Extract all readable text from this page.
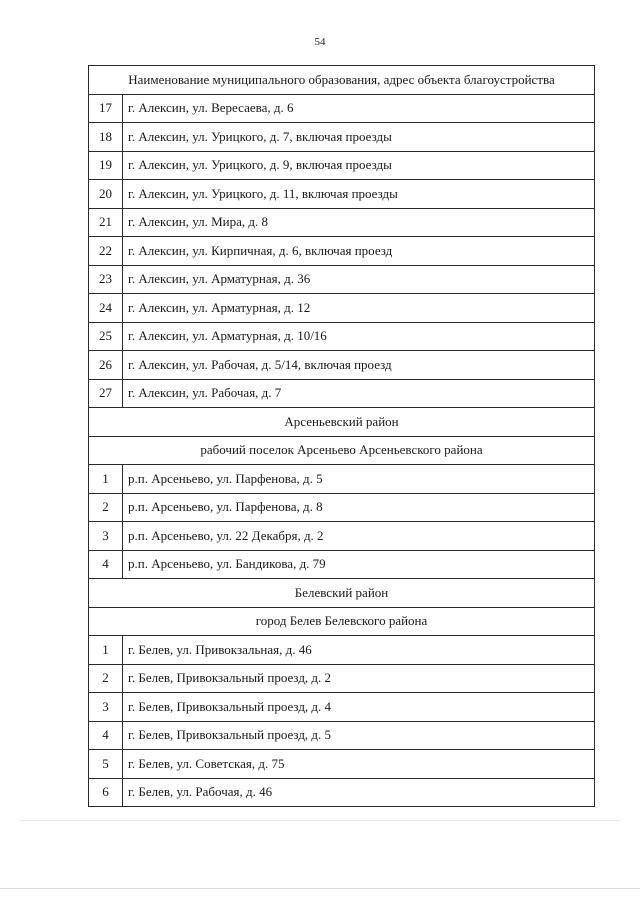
54
Наименование муниципального образования, адрес объекта благоустройства	
17	г. Алексин, ул. Вересаева, д. 6
18	г. Алексин, ул. Урицкого, д. 7, включая проезды
19	г. Алексин, ул. Урицкого, д. 9, включая проезды
20	г. Алексин, ул. Урицкого, д. 11, включая проезды
21	г. Алексин, ул. Мира, д. 8
22	г. Алексин, ул. Кирпичная, д. 6, включая проезд
23	г. Алексин, ул. Арматурная, д. 36
24	г. Алексин, ул. Арматурная, д. 12
25	г. Алексин, ул. Арматурная, д. 10/16
26	г. Алексин, ул. Рабочая, д. 5/14, включая проезд
27	г. Алексин, ул. Рабочая, д. 7
Арсеньевский район	
рабочий поселок Арсеньево Арсеньевского района	
1	р.п. Арсеньево, ул. Парфенова, д. 5
2	р.п. Арсеньево, ул. Парфенова, д. 8
3	р.п. Арсеньево, ул. 22 Декабря, д. 2
4	р.п. Арсеньево, ул. Бандикова, д. 79
Белевский район	
город Белев Белевского района	
1	г. Белев, ул. Привокзальная, д. 46
2	г. Белев, Привокзальный проезд, д. 2
3	г. Белев, Привокзальный проезд, д. 4
4	г. Белев, Привокзальный проезд, д. 5
5	г. Белев, ул. Советская, д. 75
6	г. Белев, ул. Рабочая, д. 46
